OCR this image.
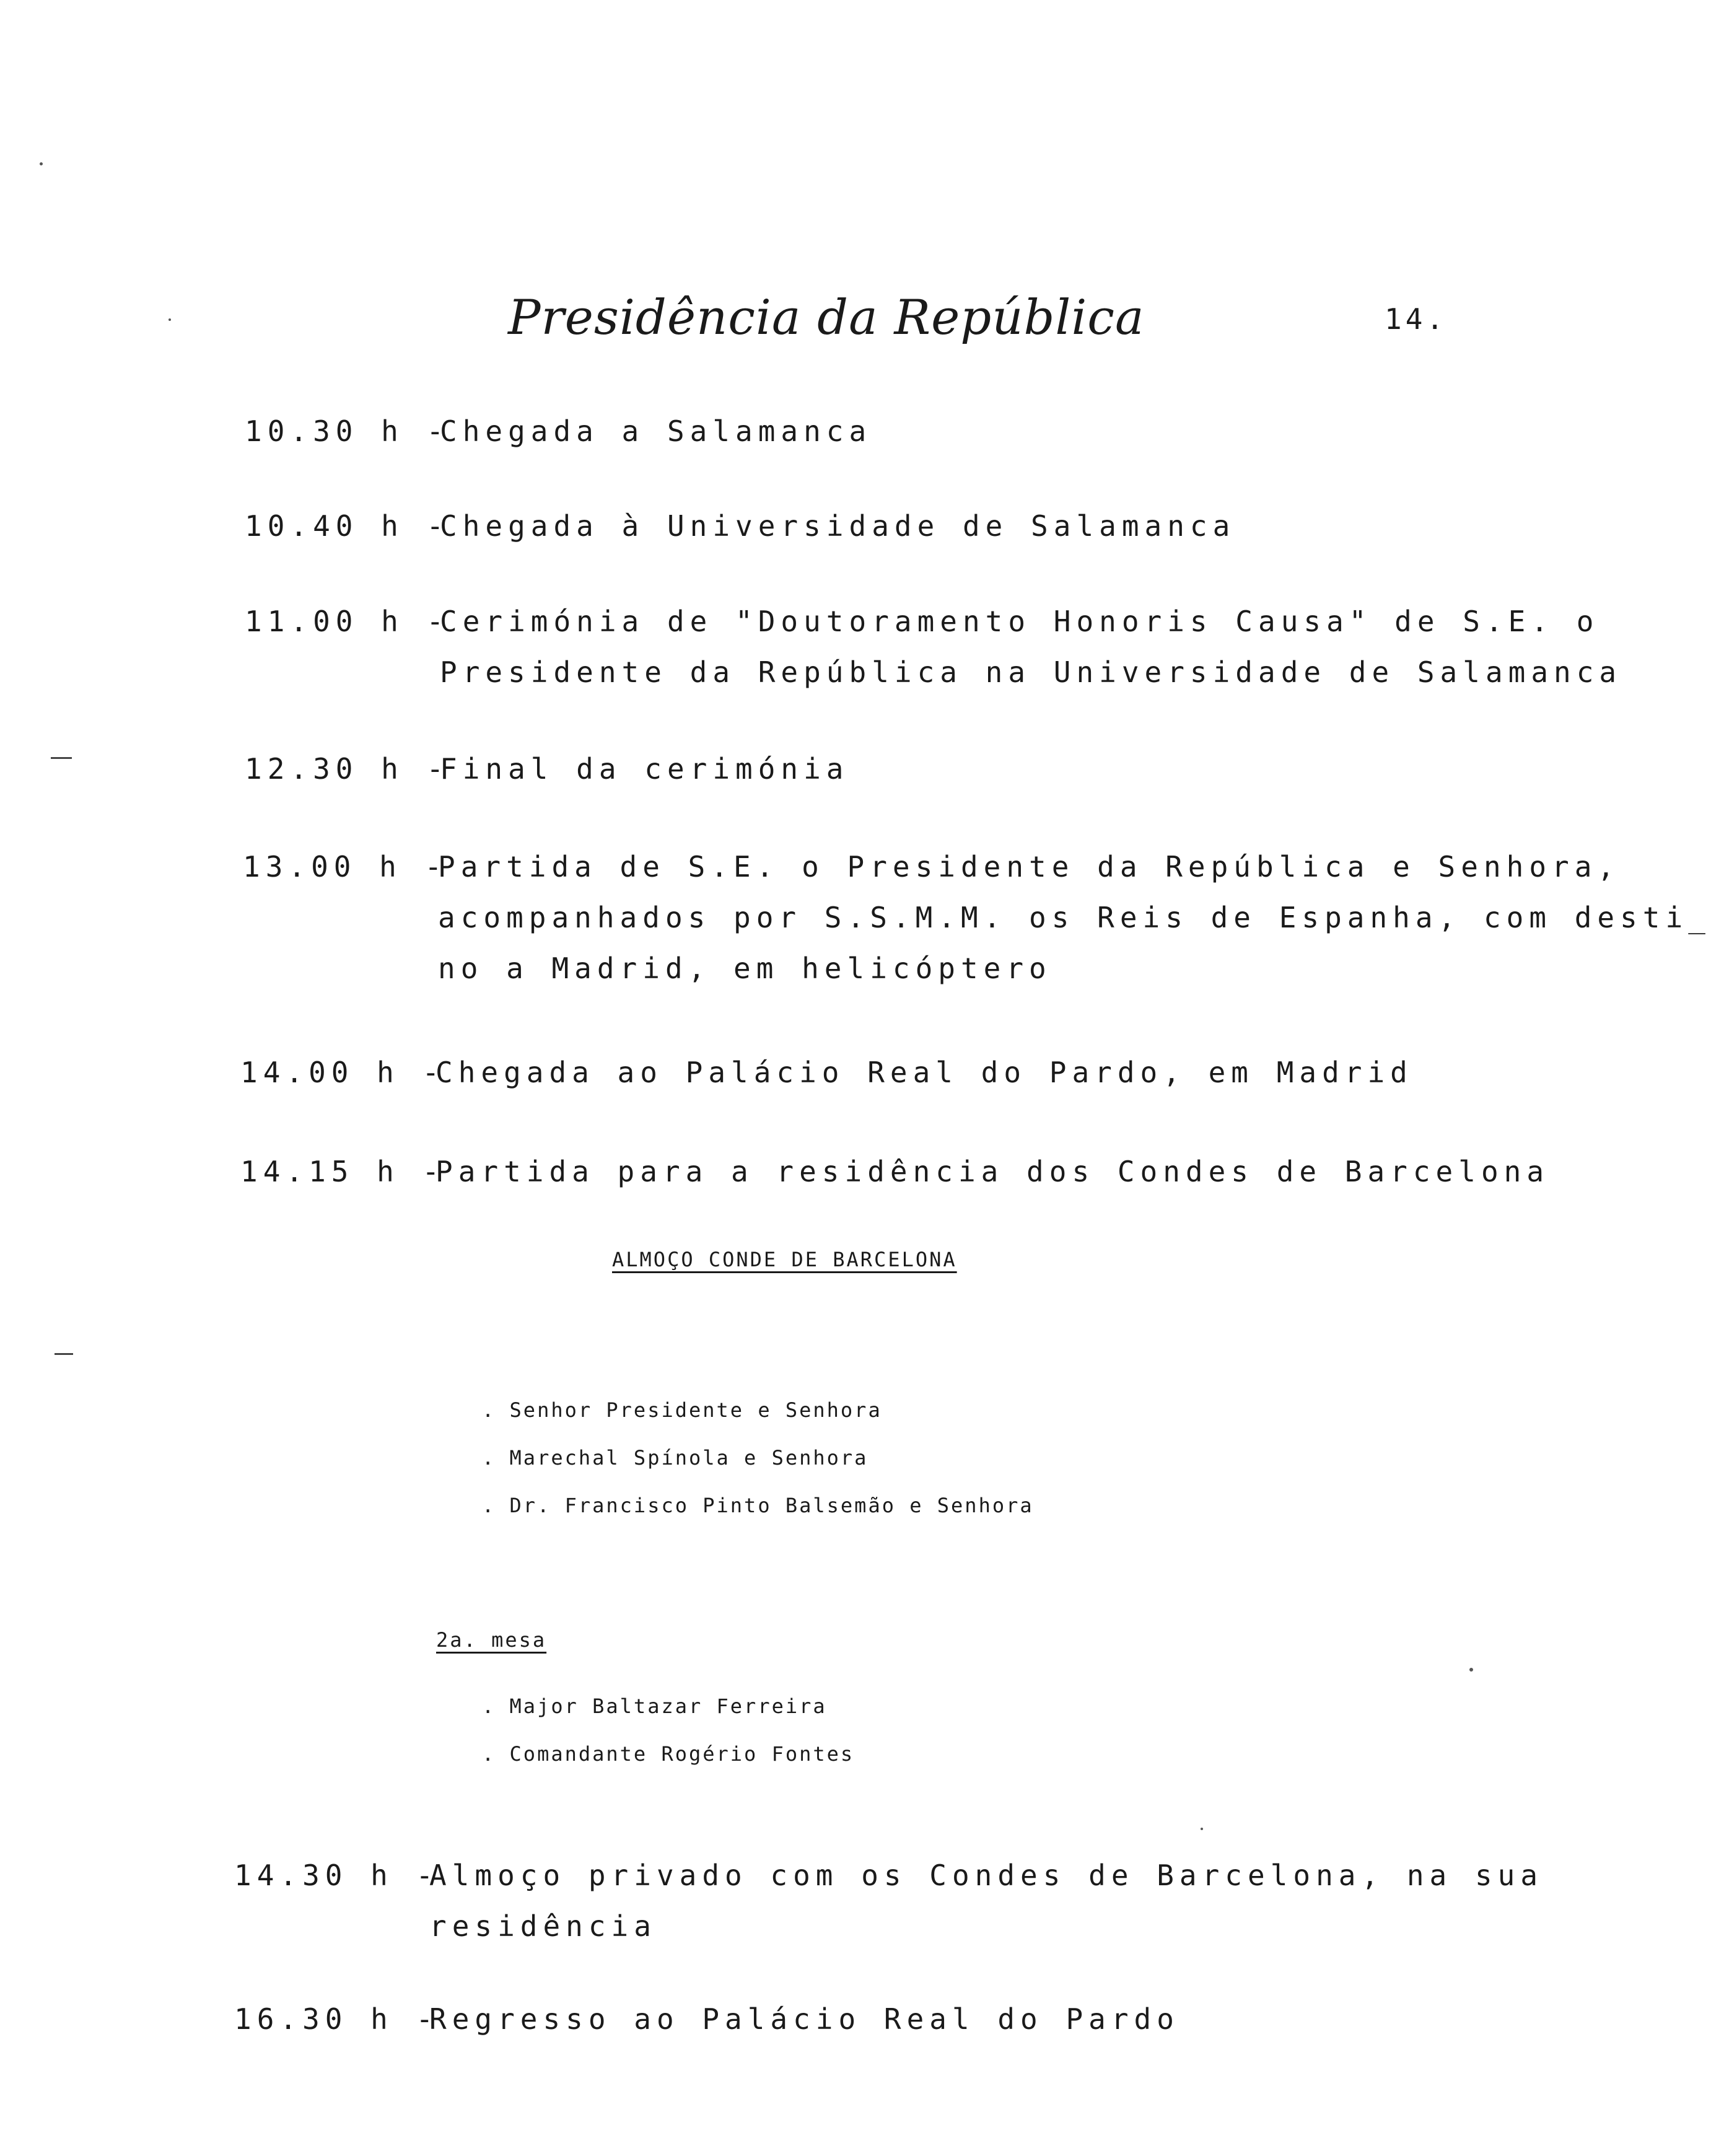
Presidência da República	14.
10.30 h -
Chegada a Salamanca
10.40 h -
Chegada à Universidade de Salamanca
11.00 h -
Cerimónia de "Doutoramento Honoris Causa" de S.E. o
Presidente da República na Universidade de Salamanca
12.30 h -
Final da cerimónia
13.00 h -
Partida de S.E. o Presidente da República e Senhora,
acompanhados por S.S.M.M. os Reis de Espanha, com desti_
no a Madrid, em helicóptero
14.00 h -
Chegada ao Palácio Real do Pardo, em Madrid
14.15 h -
Partida para a residência dos Condes de Barcelona
ALMOÇO CONDE DE BARCELONA
. Senhor Presidente e Senhora
. Marechal Spínola e Senhora
. Dr. Francisco Pinto Balsemão e Senhora
2a. mesa
. Major Baltazar Ferreira
. Comandante Rogério Fontes
14.30 h -
Almoço privado com os Condes de Barcelona, na sua
residência
16.30 h -
Regresso ao Palácio Real do Pardo
